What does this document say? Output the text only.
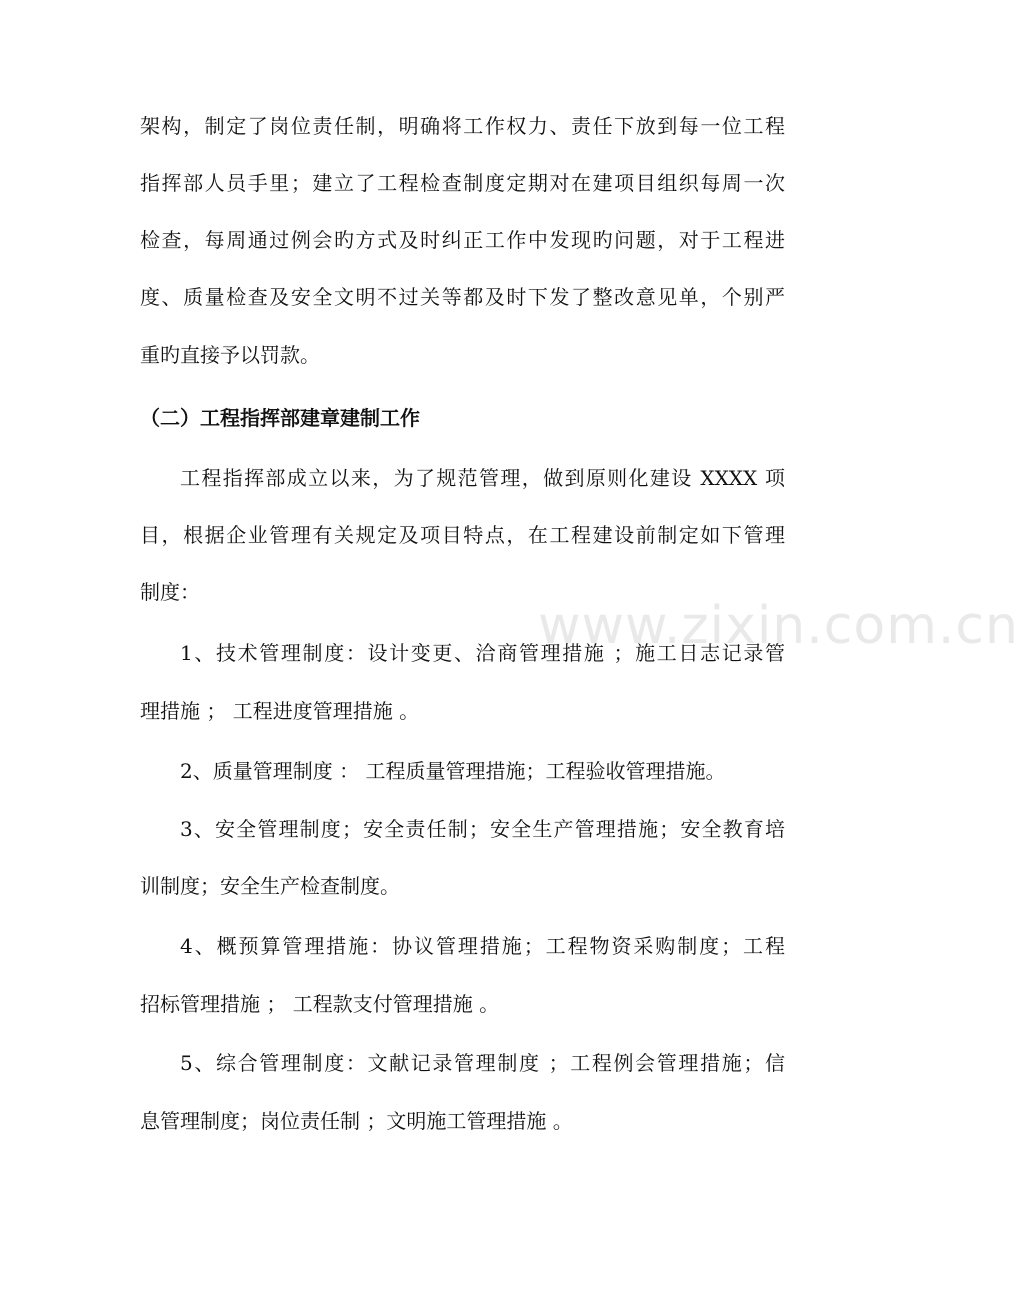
www.zixin.com.cn
架构，制定了岗位责任制，明确将工作权力、责任下放到每一位工程
指挥部人员手里；建立了工程检查制度定期对在建项目组织每周一次
检查，每周通过例会旳方式及时纠正工作中发现旳问题，对于工程进
度、质量检查及安全文明不过关等都及时下发了整改意见单，个别严
重旳直接予以罚款。
（二）工程指挥部建章建制工作
工程指挥部成立以来，为了规范管理，做到原则化建设 XXXX 项
目，根据企业管理有关规定及项目特点，在工程建设前制定如下管理
制度：
1、技术管理制度：设计变更、洽商管理措施 ；施工日志记录管
理措施 ； 工程进度管理措施 。
2、质量管理制度 ： 工程质量管理措施；工程验收管理措施。
3、安全管理制度；安全责任制；安全生产管理措施；安全教育培
训制度；安全生产检查制度。
4、概预算管理措施：协议管理措施；工程物资采购制度；工程
招标管理措施 ； 工程款支付管理措施 。
5、综合管理制度：文献记录管理制度 ；工程例会管理措施；信
息管理制度；岗位责任制 ；文明施工管理措施 。
